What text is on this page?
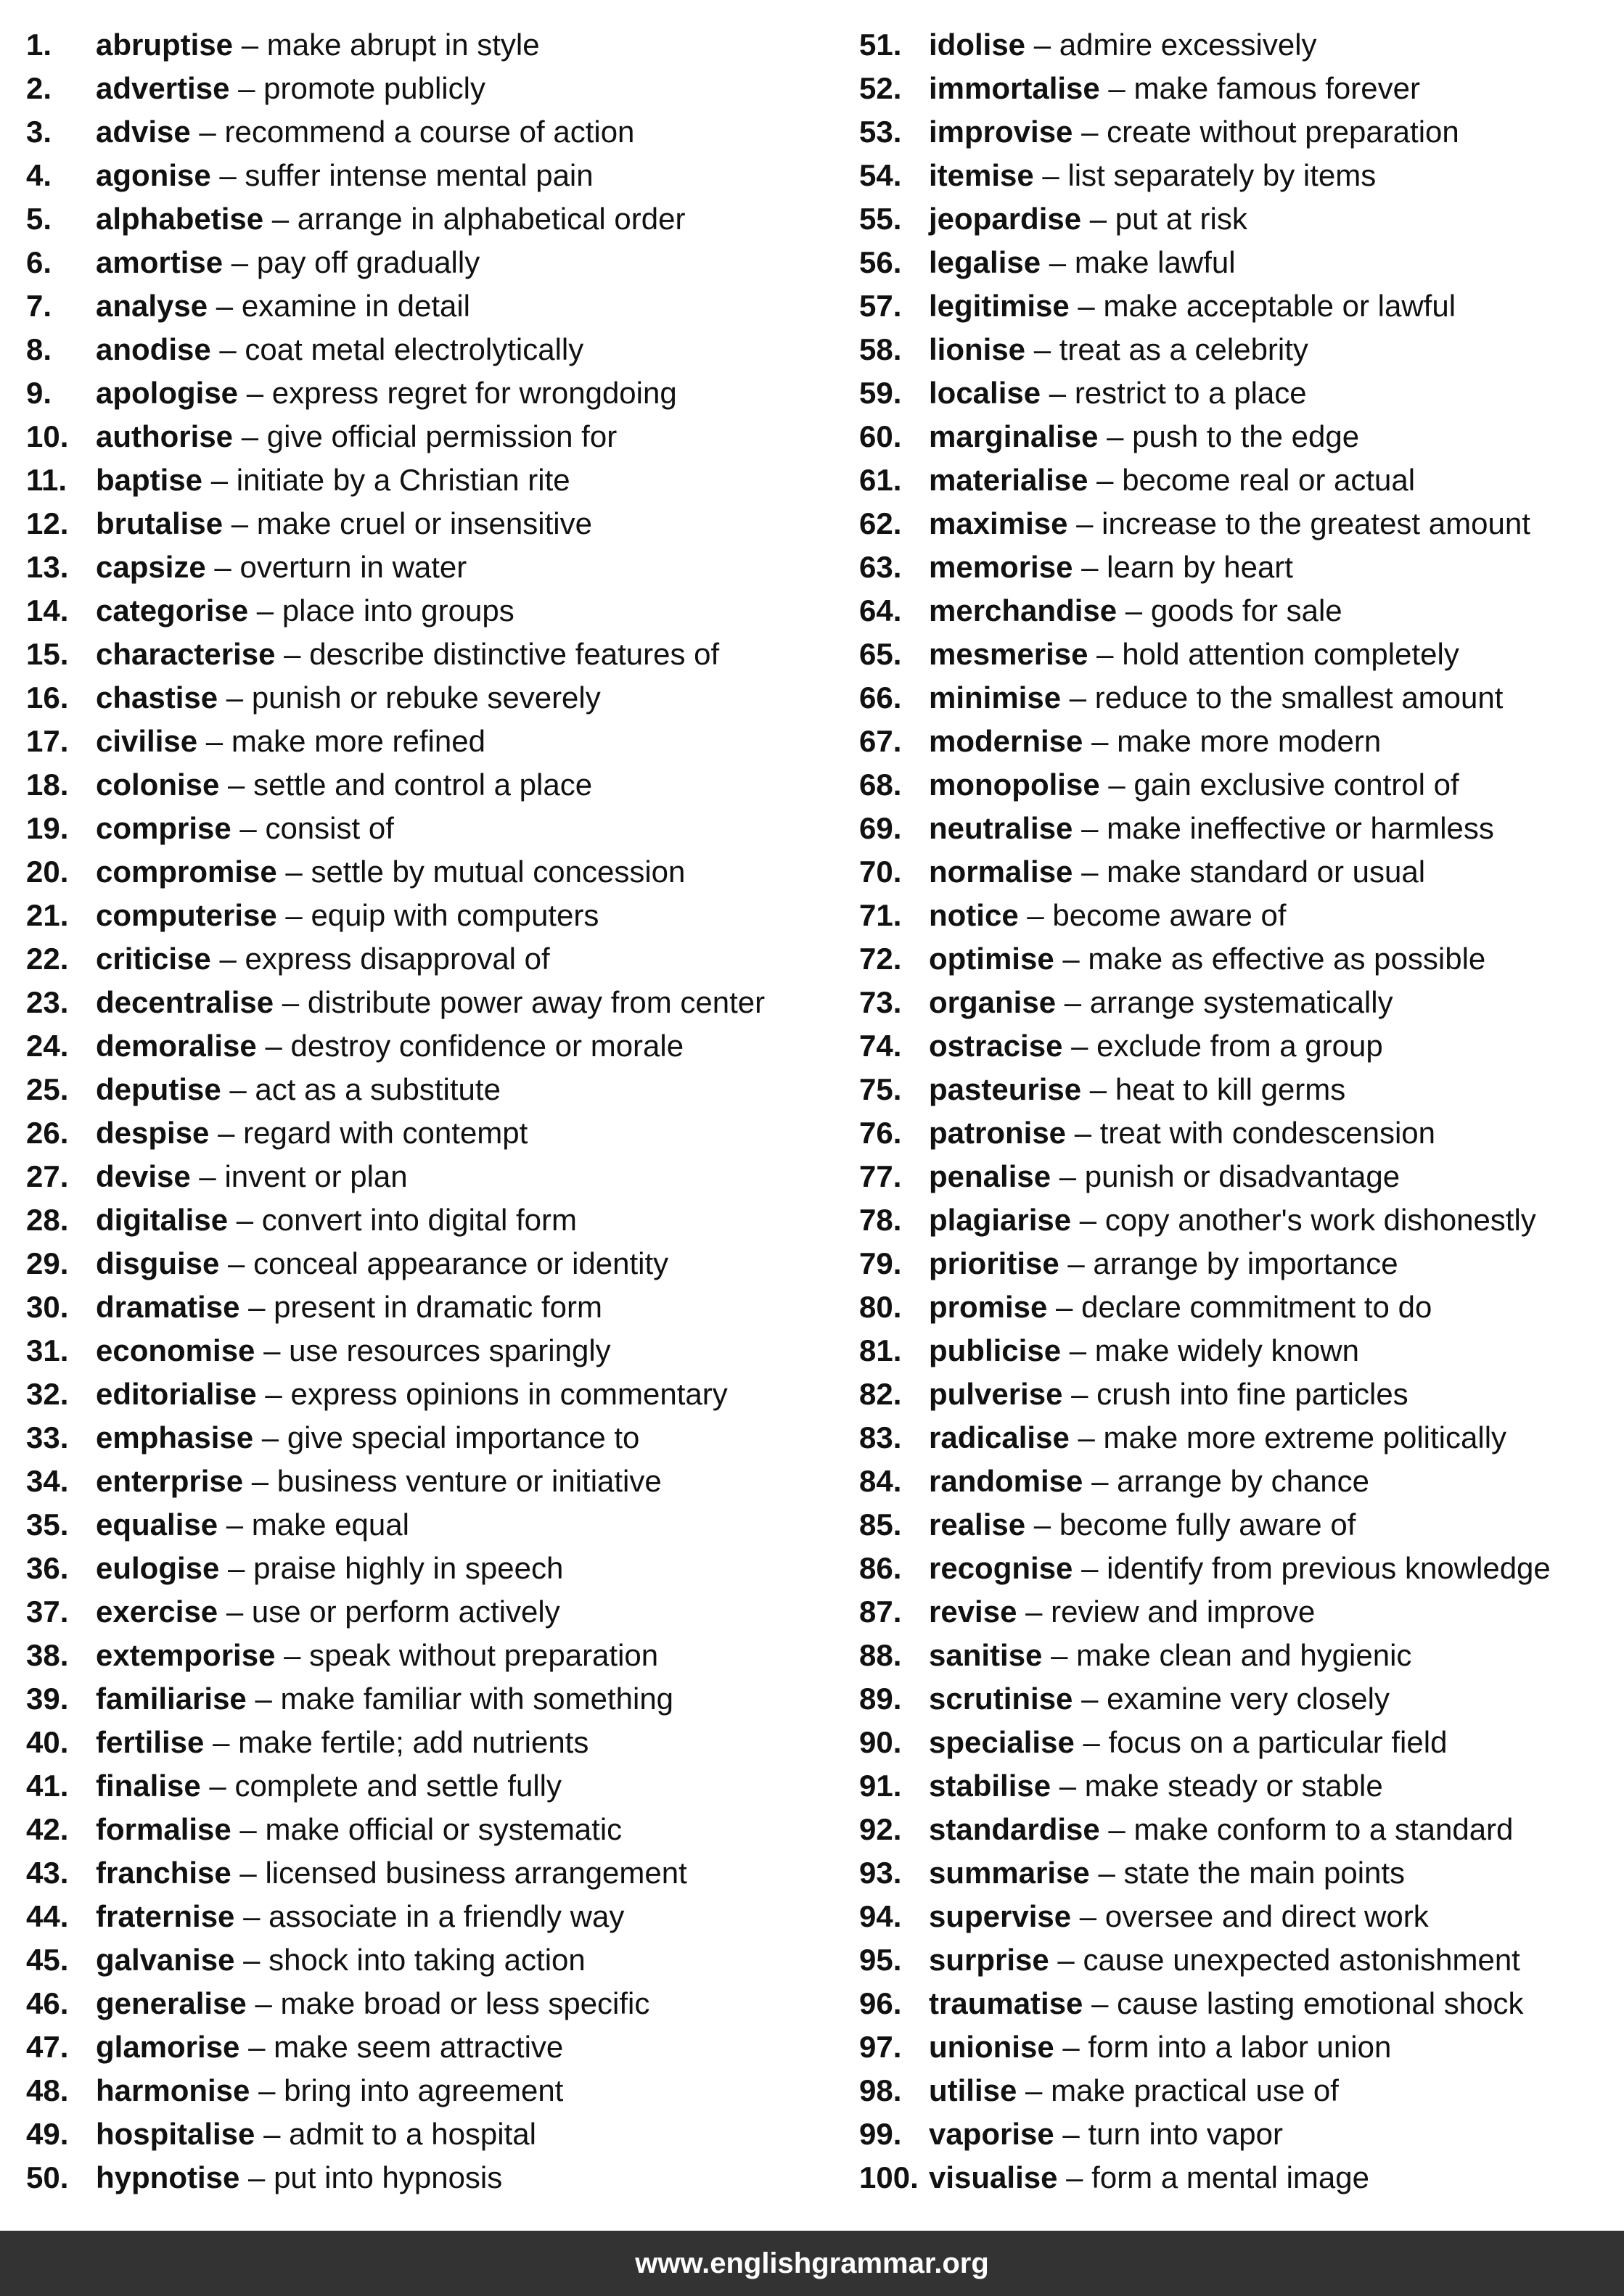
1. abruptise – make abrupt in style
2. advertise – promote publicly
3. advise – recommend a course of action
4. agonise – suffer intense mental pain
5. alphabetise – arrange in alphabetical order
6. amortise – pay off gradually
7. analyse – examine in detail
8. anodise – coat metal electrolytically
9. apologise – express regret for wrongdoing
10. authorise – give official permission for
11. baptise – initiate by a Christian rite
12. brutalise – make cruel or insensitive
13. capsize – overturn in water
14. categorise – place into groups
15. characterise – describe distinctive features of
16. chastise – punish or rebuke severely
17. civilise – make more refined
18. colonise – settle and control a place
19. comprise – consist of
20. compromise – settle by mutual concession
21. computerise – equip with computers
22. criticise – express disapproval of
23. decentralise – distribute power away from center
24. demoralise – destroy confidence or morale
25. deputise – act as a substitute
26. despise – regard with contempt
27. devise – invent or plan
28. digitalise – convert into digital form
29. disguise – conceal appearance or identity
30. dramatise – present in dramatic form
31. economise – use resources sparingly
32. editorialise – express opinions in commentary
33. emphasise – give special importance to
34. enterprise – business venture or initiative
35. equalise – make equal
36. eulogise – praise highly in speech
37. exercise – use or perform actively
38. extemporise – speak without preparation
39. familiarise – make familiar with something
40. fertilise – make fertile; add nutrients
41. finalise – complete and settle fully
42. formalise – make official or systematic
43. franchise – licensed business arrangement
44. fraternise – associate in a friendly way
45. galvanise – shock into taking action
46. generalise – make broad or less specific
47. glamorise – make seem attractive
48. harmonise – bring into agreement
49. hospitalise – admit to a hospital
50. hypnotise – put into hypnosis
51. idolise – admire excessively
52. immortalise – make famous forever
53. improvise – create without preparation
54. itemise – list separately by items
55. jeopardise – put at risk
56. legalise – make lawful
57. legitimise – make acceptable or lawful
58. lionise – treat as a celebrity
59. localise – restrict to a place
60. marginalise – push to the edge
61. materialise – become real or actual
62. maximise – increase to the greatest amount
63. memorise – learn by heart
64. merchandise – goods for sale
65. mesmerise – hold attention completely
66. minimise – reduce to the smallest amount
67. modernise – make more modern
68. monopolise – gain exclusive control of
69. neutralise – make ineffective or harmless
70. normalise – make standard or usual
71. notice – become aware of
72. optimise – make as effective as possible
73. organise – arrange systematically
74. ostracise – exclude from a group
75. pasteurise – heat to kill germs
76. patronise – treat with condescension
77. penalise – punish or disadvantage
78. plagiarise – copy another's work dishonestly
79. prioritise – arrange by importance
80. promise – declare commitment to do
81. publicise – make widely known
82. pulverise – crush into fine particles
83. radicalise – make more extreme politically
84. randomise – arrange by chance
85. realise – become fully aware of
86. recognise – identify from previous knowledge
87. revise – review and improve
88. sanitise – make clean and hygienic
89. scrutinise – examine very closely
90. specialise – focus on a particular field
91. stabilise – make steady or stable
92. standardise – make conform to a standard
93. summarise – state the main points
94. supervise – oversee and direct work
95. surprise – cause unexpected astonishment
96. traumatise – cause lasting emotional shock
97. unionise – form into a labor union
98. utilise – make practical use of
99. vaporise – turn into vapor
100. visualise – form a mental image
www.englishgrammar.org
